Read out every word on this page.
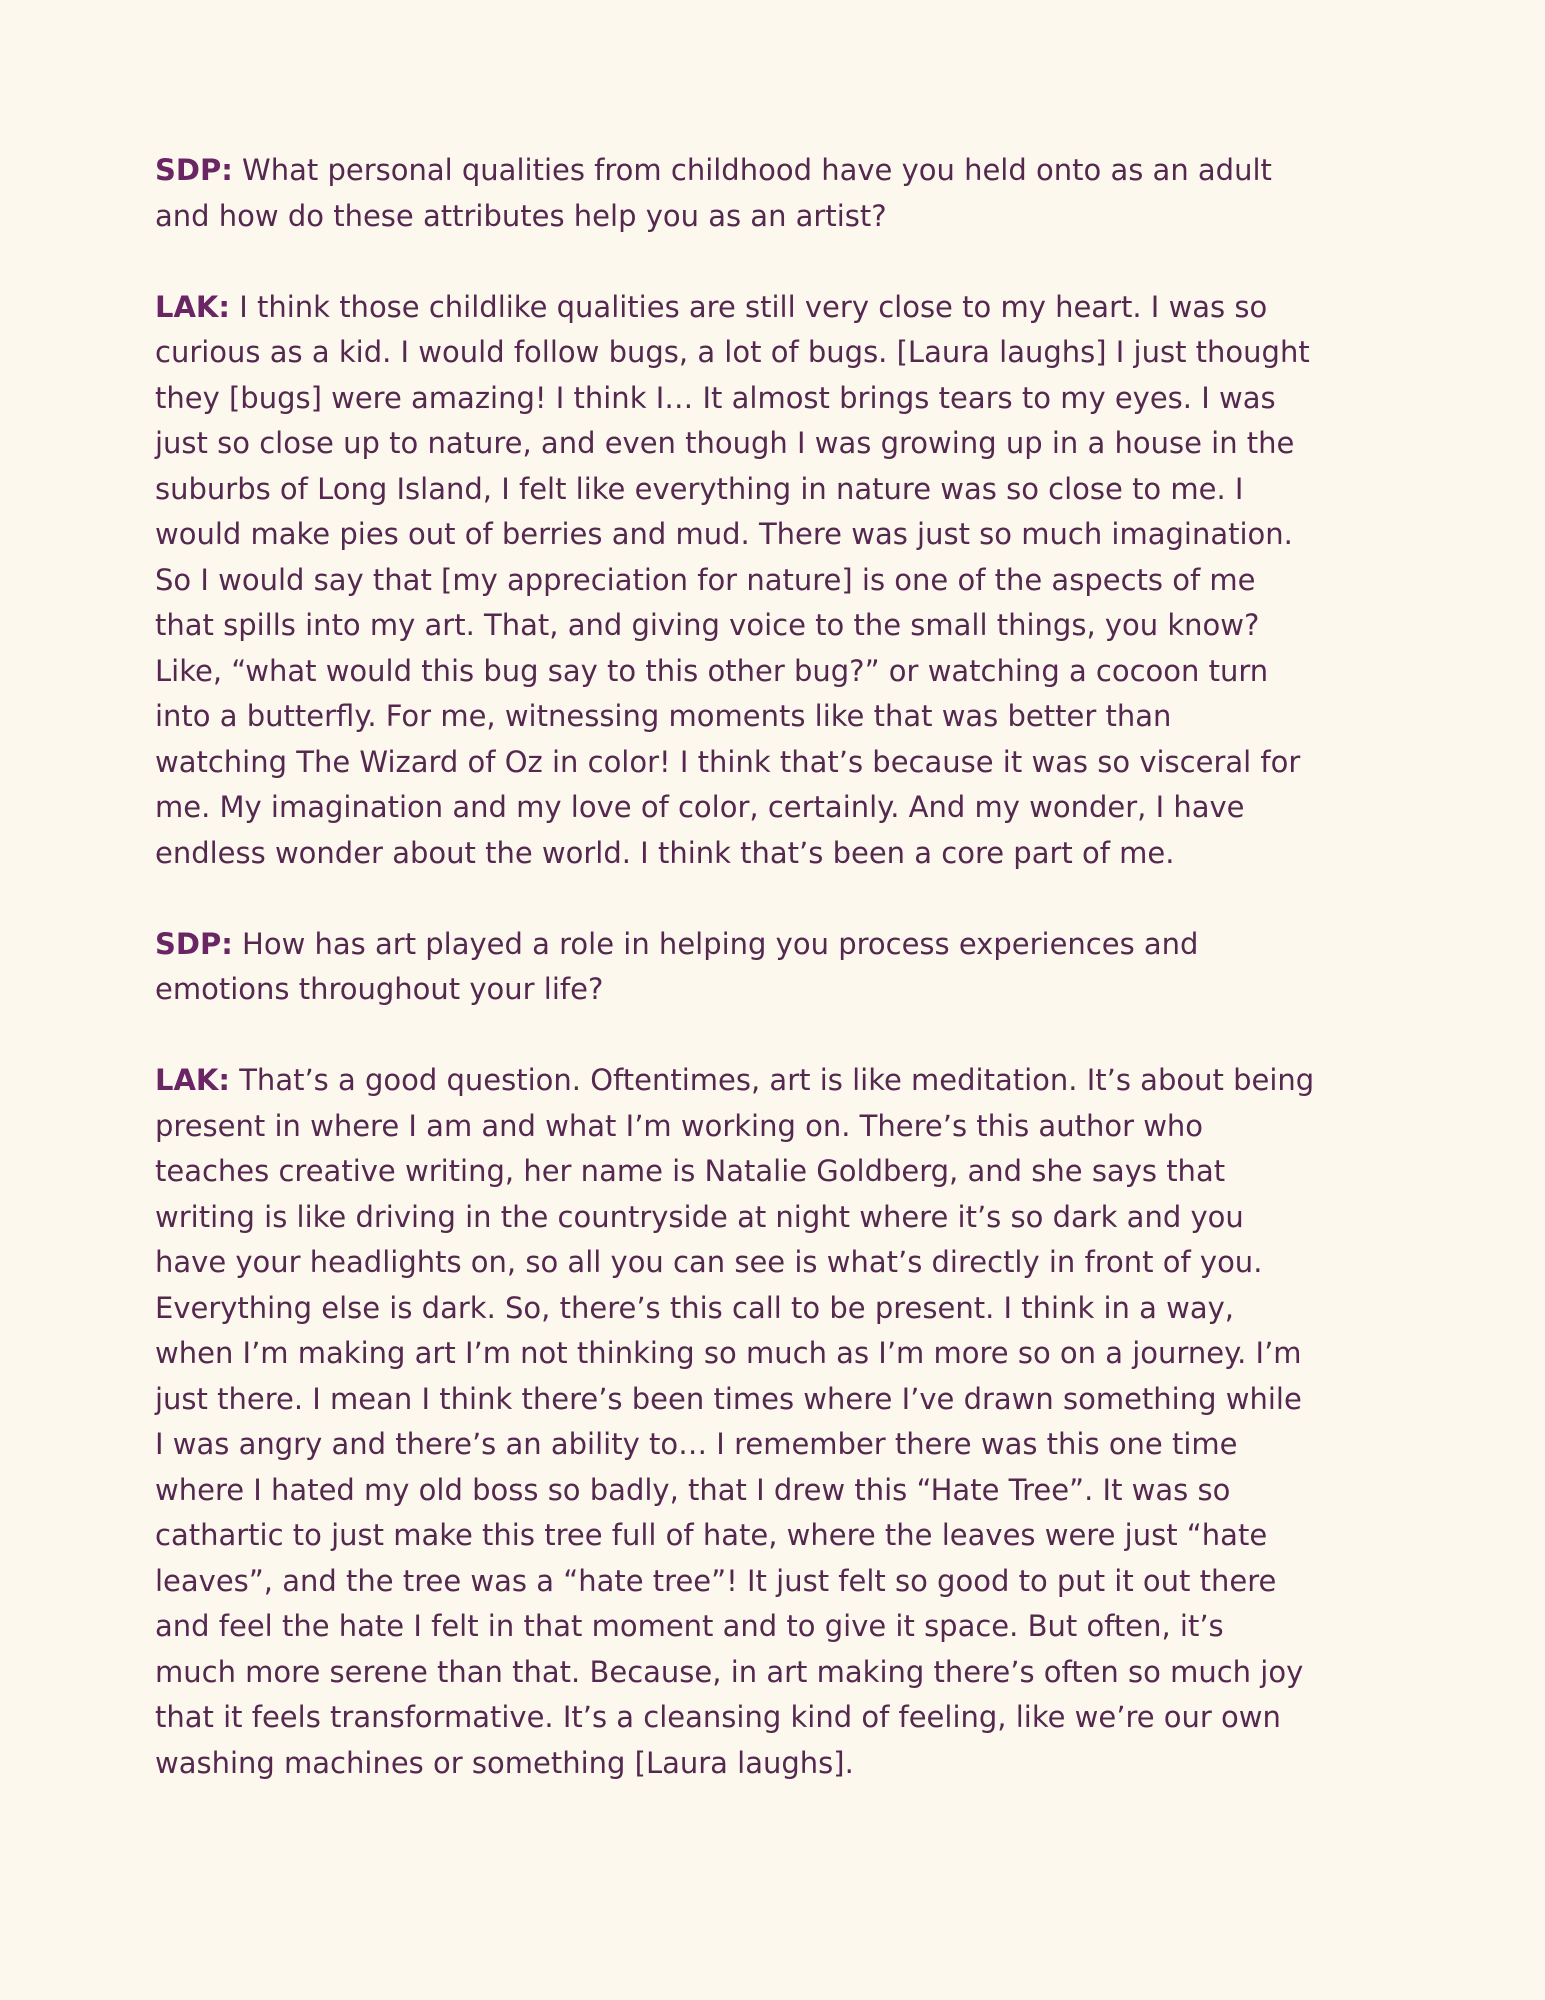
SDP: What personal qualities from childhood have you held onto as an adult
and how do these attributes help you as an artist?

LAK: I think those childlike qualities are still very close to my heart. I was so
curious as a kid. I would follow bugs, a lot of bugs. [Laura laughs] I just thought
they [bugs] were amazing! I think I… It almost brings tears to my eyes. I was
just so close up to nature, and even though I was growing up in a house in the
suburbs of Long Island, I felt like everything in nature was so close to me. I
would make pies out of berries and mud. There was just so much imagination.
So I would say that [my appreciation for nature] is one of the aspects of me
that spills into my art. That, and giving voice to the small things, you know?
Like, “what would this bug say to this other bug?” or watching a cocoon turn
into a butterfly. For me, witnessing moments like that was better than
watching The Wizard of Oz in color! I think that’s because it was so visceral for
me. My imagination and my love of color, certainly. And my wonder, I have
endless wonder about the world. I think that’s been a core part of me.

SDP: How has art played a role in helping you process experiences and
emotions throughout your life?

LAK: That’s a good question. Oftentimes, art is like meditation. It’s about being
present in where I am and what I’m working on. There’s this author who
teaches creative writing, her name is Natalie Goldberg, and she says that
writing is like driving in the countryside at night where it’s so dark and you
have your headlights on, so all you can see is what’s directly in front of you.
Everything else is dark. So, there’s this call to be present. I think in a way,
when I’m making art I’m not thinking so much as I’m more so on a journey. I’m
just there. I mean I think there’s been times where I’ve drawn something while
I was angry and there’s an ability to… I remember there was this one time
where I hated my old boss so badly, that I drew this “Hate Tree”. It was so
cathartic to just make this tree full of hate, where the leaves were just “hate
leaves”, and the tree was a “hate tree”! It just felt so good to put it out there
and feel the hate I felt in that moment and to give it space. But often, it’s
much more serene than that. Because, in art making there’s often so much joy
that it feels transformative. It’s a cleansing kind of feeling, like we’re our own
washing machines or something [Laura laughs].
